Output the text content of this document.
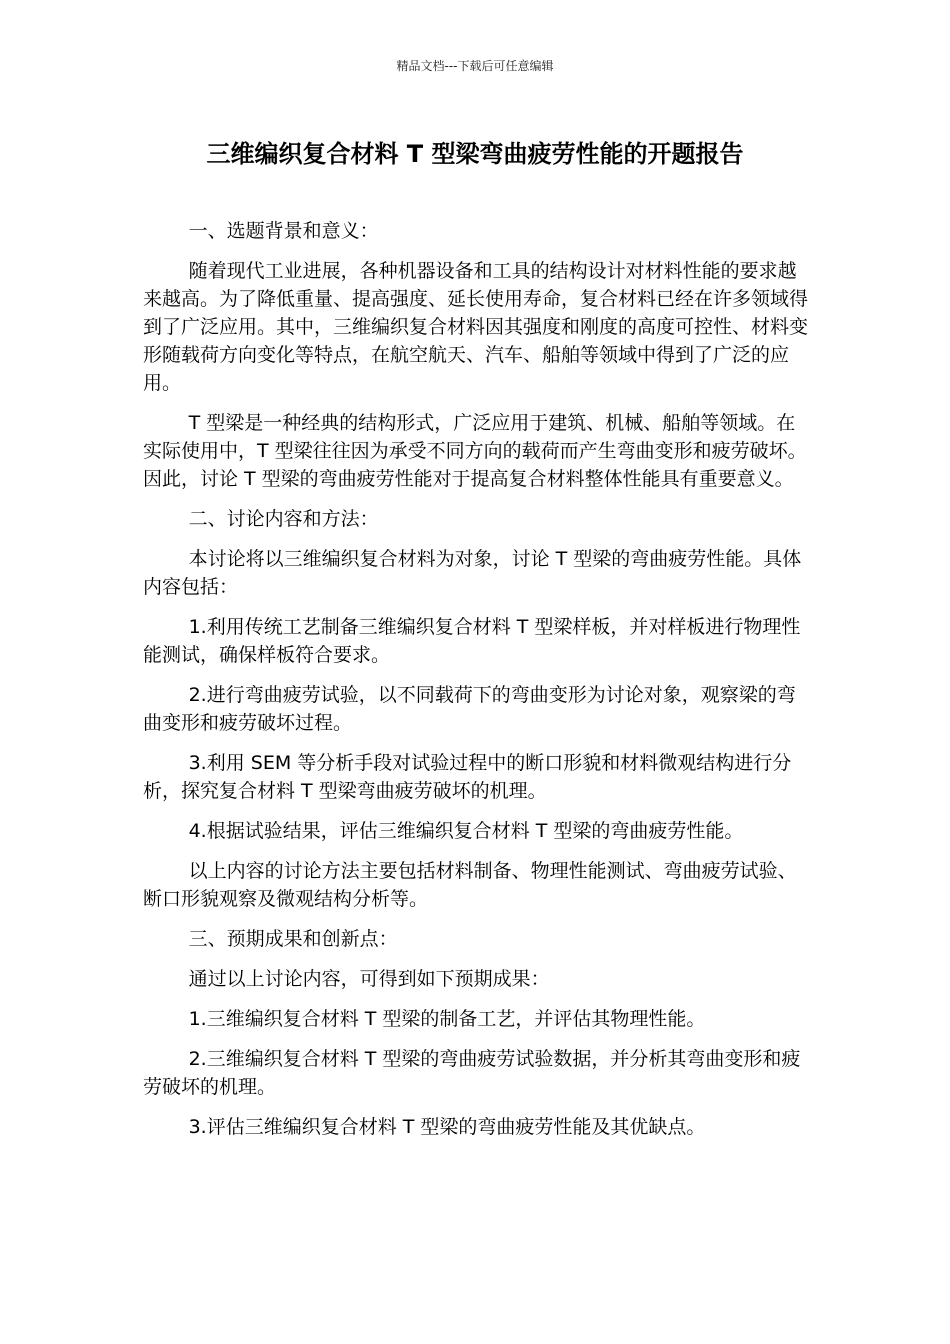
精品文档---下载后可任意编辑
三维编织复合材料 T 型梁弯曲疲劳性能的开题报告

一、选题背景和意义：

随着现代工业进展，各种机器设备和工具的结构设计对材料性能的要求越来越高。为了降低重量、提高强度、延长使用寿命，复合材料已经在许多领域得到了广泛应用。其中，三维编织复合材料因其强度和刚度的高度可控性、材料变形随载荷方向变化等特点，在航空航天、汽车、船舶等领域中得到了广泛的应用。

T 型梁是一种经典的结构形式，广泛应用于建筑、机械、船舶等领域。在实际使用中，T 型梁往往因为承受不同方向的载荷而产生弯曲变形和疲劳破坏。因此，讨论 T 型梁的弯曲疲劳性能对于提高复合材料整体性能具有重要意义。

二、讨论内容和方法：

本讨论将以三维编织复合材料为对象，讨论 T 型梁的弯曲疲劳性能。具体内容包括：

1.利用传统工艺制备三维编织复合材料 T 型梁样板，并对样板进行物理性能测试，确保样板符合要求。

2.进行弯曲疲劳试验，以不同载荷下的弯曲变形为讨论对象，观察梁的弯曲变形和疲劳破坏过程。

3.利用 SEM 等分析手段对试验过程中的断口形貌和材料微观结构进行分析，探究复合材料 T 型梁弯曲疲劳破坏的机理。

4.根据试验结果，评估三维编织复合材料 T 型梁的弯曲疲劳性能。

以上内容的讨论方法主要包括材料制备、物理性能测试、弯曲疲劳试验、断口形貌观察及微观结构分析等。

三、预期成果和创新点：

通过以上讨论内容，可得到如下预期成果：

1.三维编织复合材料 T 型梁的制备工艺，并评估其物理性能。

2.三维编织复合材料 T 型梁的弯曲疲劳试验数据，并分析其弯曲变形和疲劳破坏的机理。

3.评估三维编织复合材料 T 型梁的弯曲疲劳性能及其优缺点。
